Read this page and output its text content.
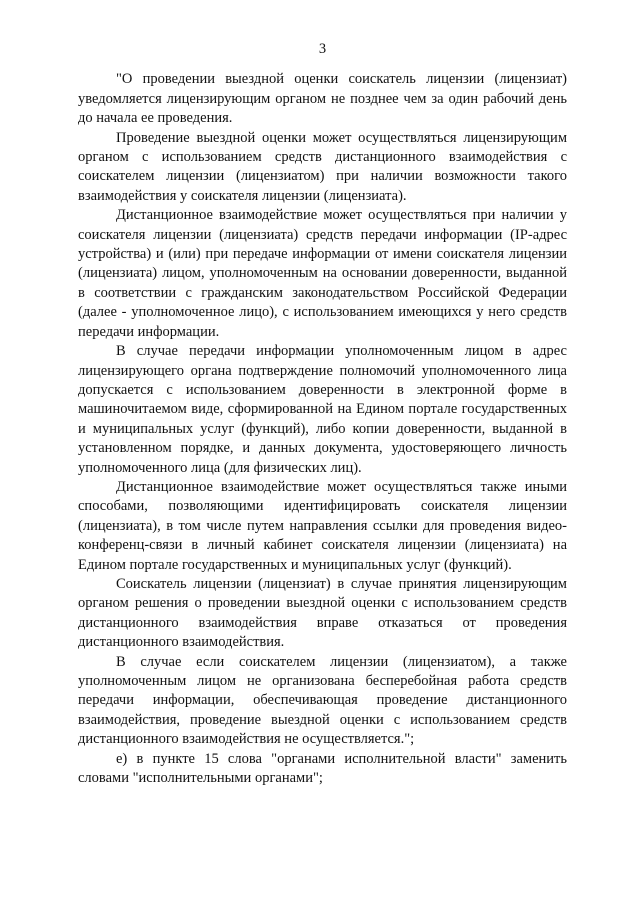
3

"О проведении выездной оценки соискатель лицензии (лицензиат) уведомляется лицензирующим органом не позднее чем за один рабочий день до начала ее проведения.

Проведение выездной оценки может осуществляться лицензирующим органом с использованием средств дистанционного взаимодействия с соискателем лицензии (лицензиатом) при наличии возможности такого взаимодействия у соискателя лицензии (лицензиата).

Дистанционное взаимодействие может осуществляться при наличии у соискателя лицензии (лицензиата) средств передачи информации (IP-адрес устройства) и (или) при передаче информации от имени соискателя лицензии (лицензиата) лицом, уполномоченным на основании доверенности, выданной в соответствии с гражданским законодательством Российской Федерации (далее - уполномоченное лицо), с использованием имеющихся у него средств передачи информации.

В случае передачи информации уполномоченным лицом в адрес лицензирующего органа подтверждение полномочий уполномоченного лица допускается с использованием доверенности в электронной форме в машиночитаемом виде, сформированной на Едином портале государственных и муниципальных услуг (функций), либо копии доверенности, выданной в установленном порядке, и данных документа, удостоверяющего личность уполномоченного лица (для физических лиц).

Дистанционное взаимодействие может осуществляться также иными способами, позволяющими идентифицировать соискателя лицензии (лицензиата), в том числе путем направления ссылки для проведения видео-конференц-связи в личный кабинет соискателя лицензии (лицензиата) на Едином портале государственных и муниципальных услуг (функций).

Соискатель лицензии (лицензиат) в случае принятия лицензирующим органом решения о проведении выездной оценки с использованием средств дистанционного взаимодействия вправе отказаться от проведения дистанционного взаимодействия.

В случае если соискателем лицензии (лицензиатом), а также уполномоченным лицом не организована бесперебойная работа средств передачи информации, обеспечивающая проведение дистанционного взаимодействия, проведение выездной оценки с использованием средств дистанционного взаимодействия не осуществляется.";

е) в пункте 15 слова "органами исполнительной власти" заменить словами "исполнительными органами";
